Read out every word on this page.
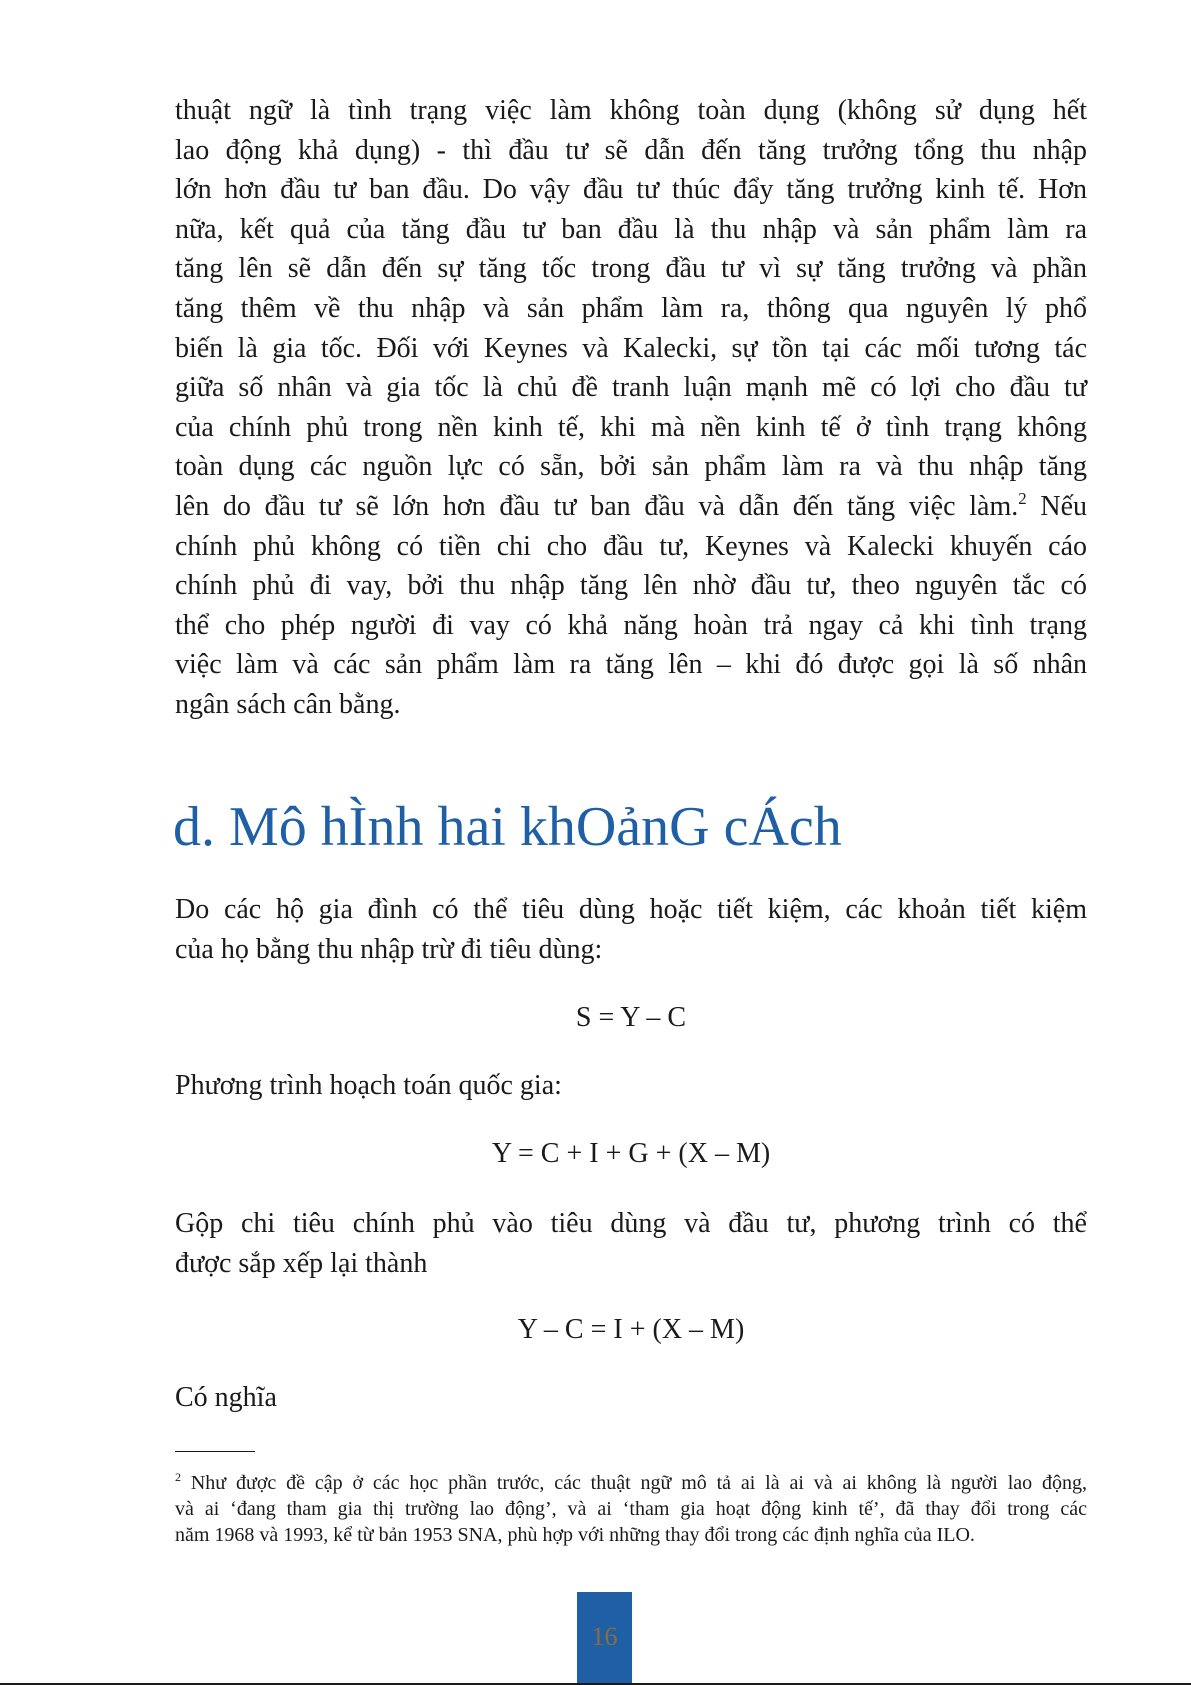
thuật ngữ là tình trạng việc làm không toàn dụng (không sử dụng hết
lao động khả dụng) - thì đầu tư sẽ dẫn đến tăng trưởng tổng thu nhập
lớn hơn đầu tư ban đầu. Do vậy đầu tư thúc đẩy tăng trưởng kinh tế. Hơn
nữa, kết quả của tăng đầu tư ban đầu là thu nhập và sản phẩm làm ra
tăng lên sẽ dẫn đến sự tăng tốc trong đầu tư vì sự tăng trưởng và phần
tăng thêm về thu nhập và sản phẩm làm ra, thông qua nguyên lý phổ
biến là gia tốc. Đối với Keynes và Kalecki, sự tồn tại các mối tương tác
giữa số nhân và gia tốc là chủ đề tranh luận mạnh mẽ có lợi cho đầu tư
của chính phủ trong nền kinh tế, khi mà nền kinh tế ở tình trạng không
toàn dụng các nguồn lực có sẵn, bởi sản phẩm làm ra và thu nhập tăng
lên do đầu tư sẽ lớn hơn đầu tư ban đầu và dẫn đến tăng việc làm.$^2$ Nếu
chính phủ không có tiền chi cho đầu tư, Keynes và Kalecki khuyến cáo
chính phủ đi vay, bởi thu nhập tăng lên nhờ đầu tư, theo nguyên tắc có
thể cho phép người đi vay có khả năng hoàn trả ngay cả khi tình trạng
việc làm và các sản phẩm làm ra tăng lên – khi đó được gọi là số nhân
ngân sách cân bằng.
d. Mô hÌnh hai khOảnG cÁch
Do các hộ gia đình có thể tiêu dùng hoặc tiết kiệm, các khoản tiết kiệm
của họ bằng thu nhập trừ đi tiêu dùng:

S = Y – C

Phương trình hoạch toán quốc gia:

Y = C + I + G + (X – M)

Gộp chi tiêu chính phủ vào tiêu dùng và đầu tư, phương trình có thể
được sắp xếp lại thành

Y – C = I + (X – M)

Có nghĩa
$^2$ Như được đề cập ở các học phần trước, các thuật ngữ mô tả ai là ai và ai không là người lao động,
và ai ‘đang tham gia thị trường lao động’, và ai ‘tham gia hoạt động kinh tế’, đã thay đổi trong các
năm 1968 và 1993, kể từ bản 1953 SNA, phù hợp với những thay đổi trong các định nghĩa của ILO.
16
